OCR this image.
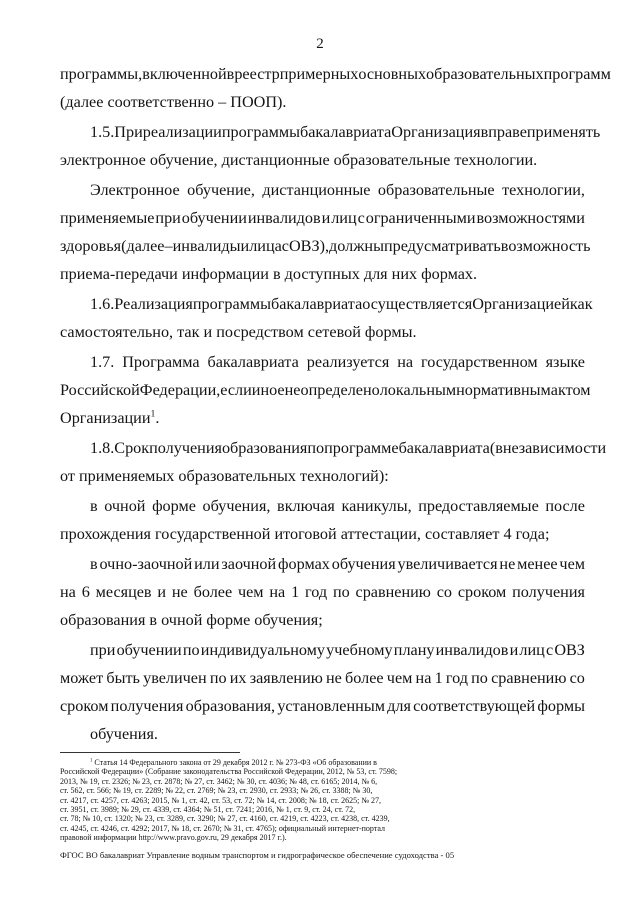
2
программы, включенной в реестр примерных основных образовательных программ
(далее соответственно – ПООП).
1.5. При реализации программы бакалавриата Организация вправе применять
электронное обучение, дистанционные образовательные технологии.
Электронное обучение, дистанционные образовательные технологии,
применяемые при обучении инвалидов и лиц с ограниченными возможностями
здоровья (далее – инвалиды и лица с ОВЗ), должны предусматривать возможность
приема-передачи информации в доступных для них формах.
1.6. Реализация программы бакалавриата осуществляется Организацией как
самостоятельно, так и посредством сетевой формы.
1.7. Программа бакалавриата реализуется на государственном языке
Российской Федерации, если иное не определено локальным нормативным актом
Организации$^1$.
1.8. Срок получения образования по программе бакалавриата (вне зависимости
от применяемых образовательных технологий):
в очной форме обучения, включая каникулы, предоставляемые после
прохождения государственной итоговой аттестации, составляет 4 года;
в очно-заочной или заочной формах обучения увеличивается не менее чем
на 6 месяцев и не более чем на 1 год по сравнению со сроком получения
образования в очной форме обучения;
$^1$ Статья 14 Федерального закона от 29 декабря 2012 г. № 273-ФЗ «Об образовании в
Российской Федерации» (Собрание законодательства Российской Федерации, 2012, № 53, ст. 7598;
2013, № 19, ст. 2326; № 23, ст. 2878; № 27, ст. 3462; № 30, ст. 4036; № 48, ст. 6165; 2014, № 6,
ст. 562, ст. 566; № 19, ст. 2289; № 22, ст. 2769; № 23, ст. 2930, ст. 2933; № 26, ст. 3388; № 30,
ст. 4217, ст. 4257, ст. 4263; 2015, № 1, ст. 42, ст. 53, ст. 72; № 14, ст. 2008; № 18, ст. 2625; № 27,
ст. 3951, ст. 3989; № 29, ст. 4339, ст. 4364; № 51, ст. 7241; 2016, № 1, ст. 9, ст. 24, ст. 72,
ст. 78; № 10, ст. 1320; № 23, ст. 3289, ст. 3290; № 27, ст. 4160, ст. 4219, ст. 4223, ст. 4238, ст. 4239,
ст. 4245, ст. 4246, ст. 4292; 2017, № 18, ст. 2670; № 31, ст. 4765); официальный интернет-портал
правовой информации http://www.pravo.gov.ru, 29 декабря 2017 г.).
ФГОС ВО бакалавриат Управление водным транспортом и гидрографическое обеспечение судоходства - 05
при обучении по индивидуальному учебному плану инвалидов и лиц с ОВЗ
может быть увеличен по их заявлению не более чем на 1 год по сравнению со
сроком получения образования, установленным для соответствующей формы
обучения.
